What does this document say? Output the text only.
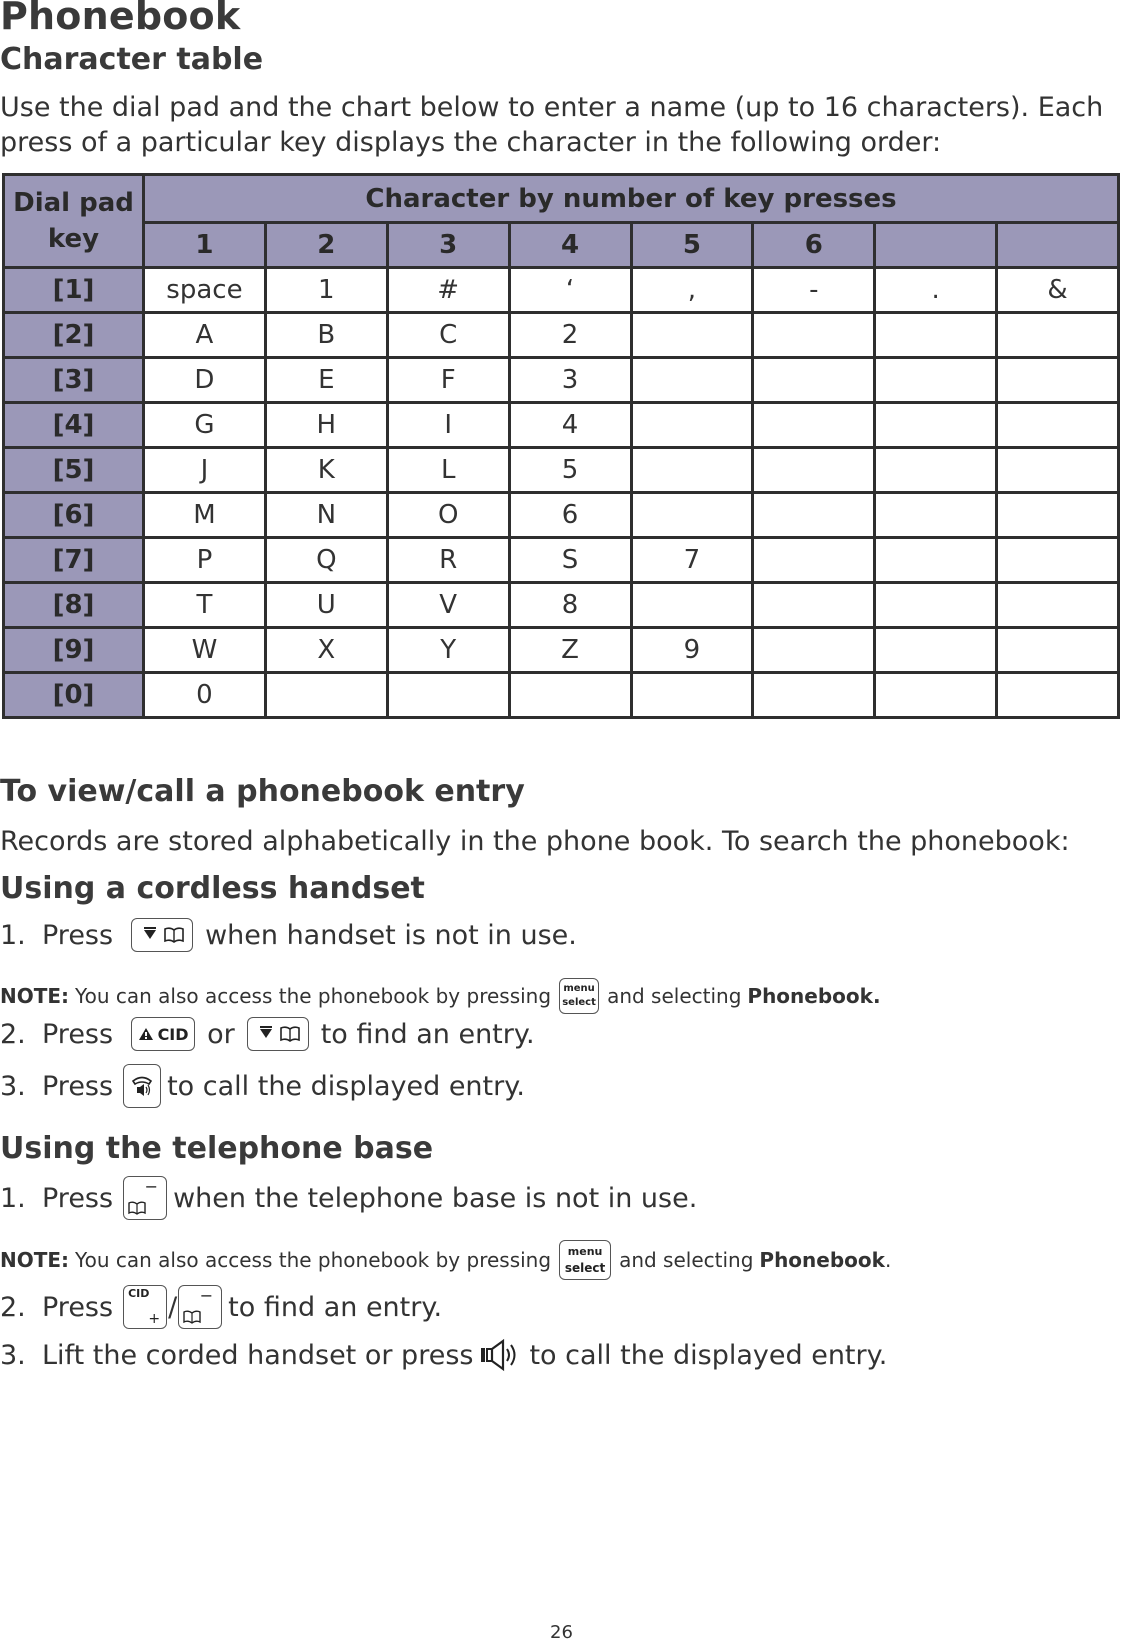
Phonebook
Character table
Use the dial pad and the chart below to enter a name (up to 16 characters). Each
press of a particular key displays the character in the following order:
Dial pad key	Character by number of key presses							
	1	2	3	4	5	6		
[1]	space	1	#	‘	,	-	.	&
[2]	A	B	C	2				
[3]	D	E	F	3				
[4]	G	H	I	4				
[5]	J	K	L	5				
[6]	M	N	O	6				
[7]	P	Q	R	S	7			
[8]	T	U	V	8				
[9]	W	X	Y	Z	9			
[0]	0							
To view/call a phonebook entry
Records are stored alphabetically in the phone book. To search the phonebook:
Using a cordless handset
1. Press	when handset is not in use.
NOTE: You can also access the phonebook by pressing menu
select and selecting Phonebook.
2. Press	CID or	to find an entry.
3. Press to call the displayed entry.
Using the telephone base
1. Press − when the telephone base is not in use.
NOTE: You can also access the phonebook by pressing menu
select and selecting Phonebook .
2. Press CID
+ / − to find an entry.
3. Lift the corded handset or press to call the displayed entry.
26
